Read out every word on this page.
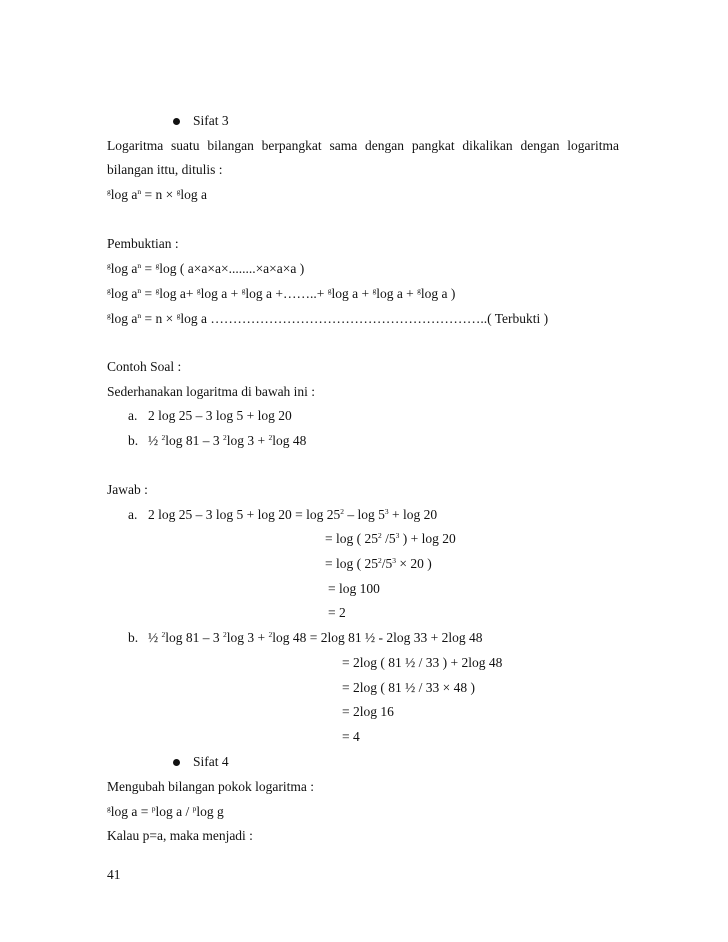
Sifat 3
Logaritma suatu bilangan berpangkat sama dengan pangkat dikalikan dengan logaritma
bilangan ittu, ditulis :
$^g$log $a^n = n \times ^g\log$ a
Pembuktian :
$^g$log $a^n = ^g\log$ ( a×a×a×........×a×a×a )
$^g$log $a^n = ^g\log$ a+ $^g$log a + $^g$log a +……..+ $^g$log a + $^g$log a + $^g$log a )
$^g$log $a^n = n \times ^g\log$ a ……………………………………………………..( Terbukti )
Contoh Soal :
Sederhanakan logaritma di bawah ini :
a. 2 log 25 – 3 log 5 + log 20
b. ½ $^2$log 81 – 3 $^2$log 3 + $^2$log 48
Jawab :
a. 2 log 25 – 3 $\log 5 + \log 20 = \log 25^2 - \log 5^3 + \log 20$
= log ( $25^2$ $/5^3$ ) + log 20
= log ( $25^2/5^3 \times 20$ )
= log 100
= 2
b. ½ $^2$log 81 – 3 $^2$log 3 + $^2$log 48 = 2log 81 ½ - 2log 33 + 2log 48
= 2log ( 81 ½ / 33 ) + 2log 48
= 2log ( 81 ½ / 33 × 48 )
= 2log 16
= 4
Sifat 4
Mengubah bilangan pokok logaritma :
$^g$log a = $^p$log a / $^p$log g
Kalau p=a, maka menjadi :
41
